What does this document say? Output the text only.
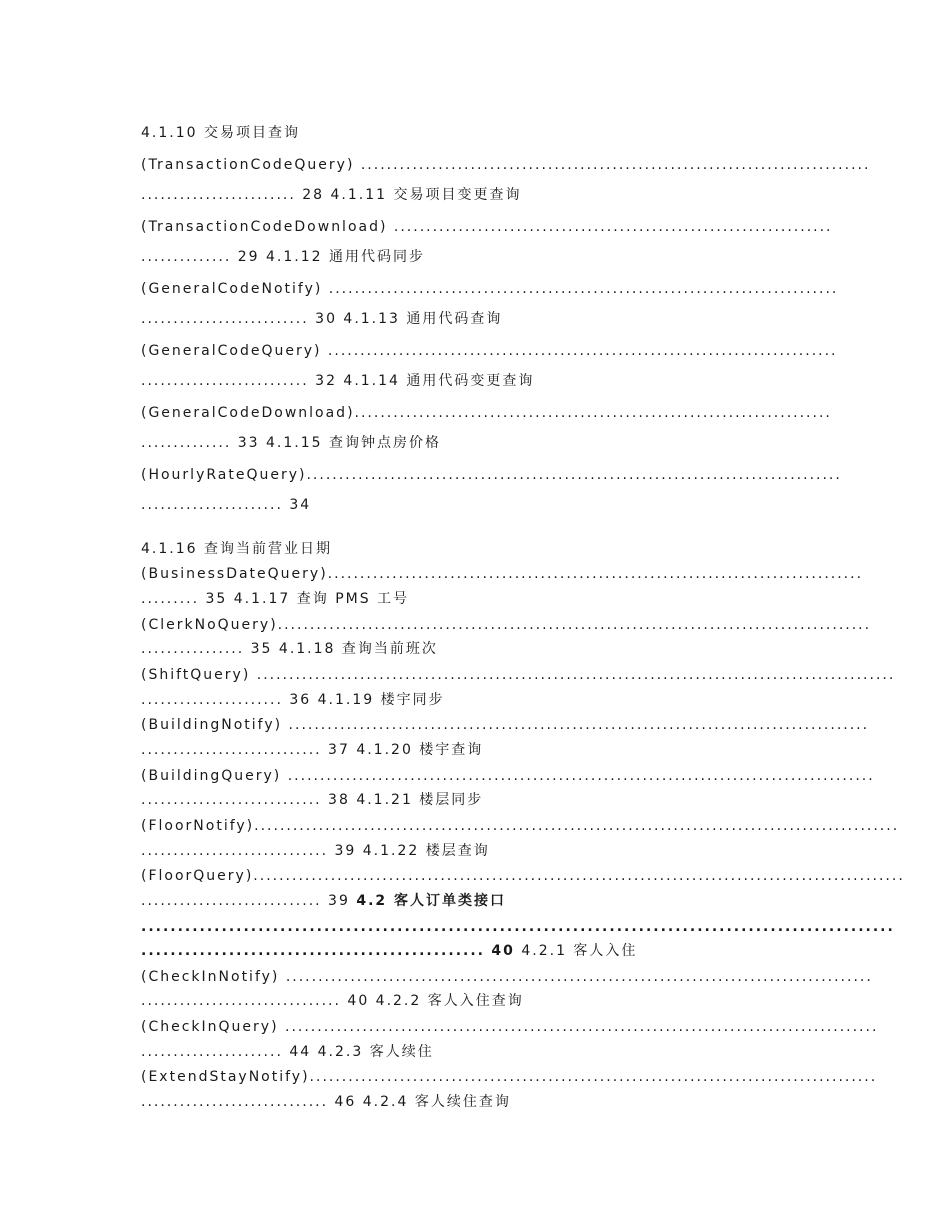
4.1.10 交易项目查询
(TransactionCodeQuery) ...............................................................................
........................ 28 4.1.11 交易项目变更查询
(TransactionCodeDownload) ....................................................................
.............. 29 4.1.12 通用代码同步
(GeneralCodeNotify) ...............................................................................
.......................... 30 4.1.13 通用代码查询
(GeneralCodeQuery) ...............................................................................
.......................... 32 4.1.14 通用代码变更查询
(GeneralCodeDownload)..........................................................................
.............. 33 4.1.15 查询钟点房价格
(HourlyRateQuery)...................................................................................
...................... 34
4.1.16 查询当前营业日期
(BusinessDateQuery)...................................................................................
......... 35 4.1.17 查询 PMS 工号
(ClerkNoQuery)............................................................................................
................ 35 4.1.18 查询当前班次
(ShiftQuery) ...................................................................................................
...................... 36 4.1.19 楼宇同步
(BuildingNotify) ..........................................................................................
............................ 37 4.1.20 楼宇查询
(BuildingQuery) ...........................................................................................
............................ 38 4.1.21 楼层同步
(FloorNotify)....................................................................................................
............................. 39 4.1.22 楼层查询
(FloorQuery).....................................................................................................
............................ 39 4.2 客人订单类接口
.......................................................................................................
............................................... 40 4.2.1 客人入住
(CheckInNotify) ...........................................................................................
............................... 40 4.2.2 客人入住查询
(CheckInQuery) ............................................................................................
...................... 44 4.2.3 客人续住
(ExtendStayNotify)........................................................................................
............................. 46 4.2.4 客人续住查询
